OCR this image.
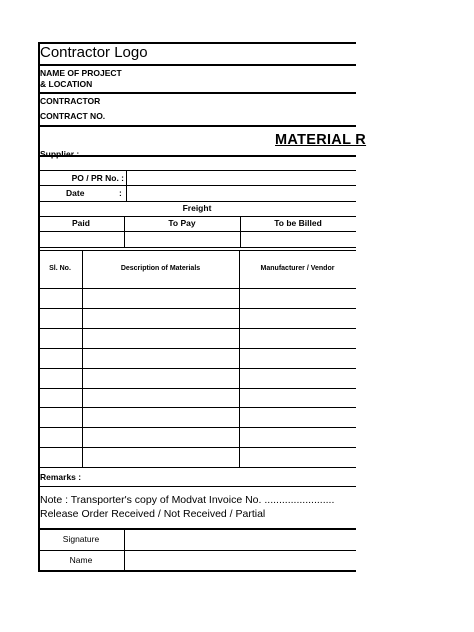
Contractor Logo
NAME OF PROJECT
& LOCATION
CONTRACTOR
CONTRACT NO.
MATERIAL R
Supplier :
PO / PR No. :
Date	:
Freight
Paid	To Pay	To be Billed
Sl. No.	Description of Materials	Manufacturer / Vendor
Remarks :
Note : Transporter's copy of Modvat Invoice No. ........................
Release Order Received / Not Received / Partial
Signature
Name
